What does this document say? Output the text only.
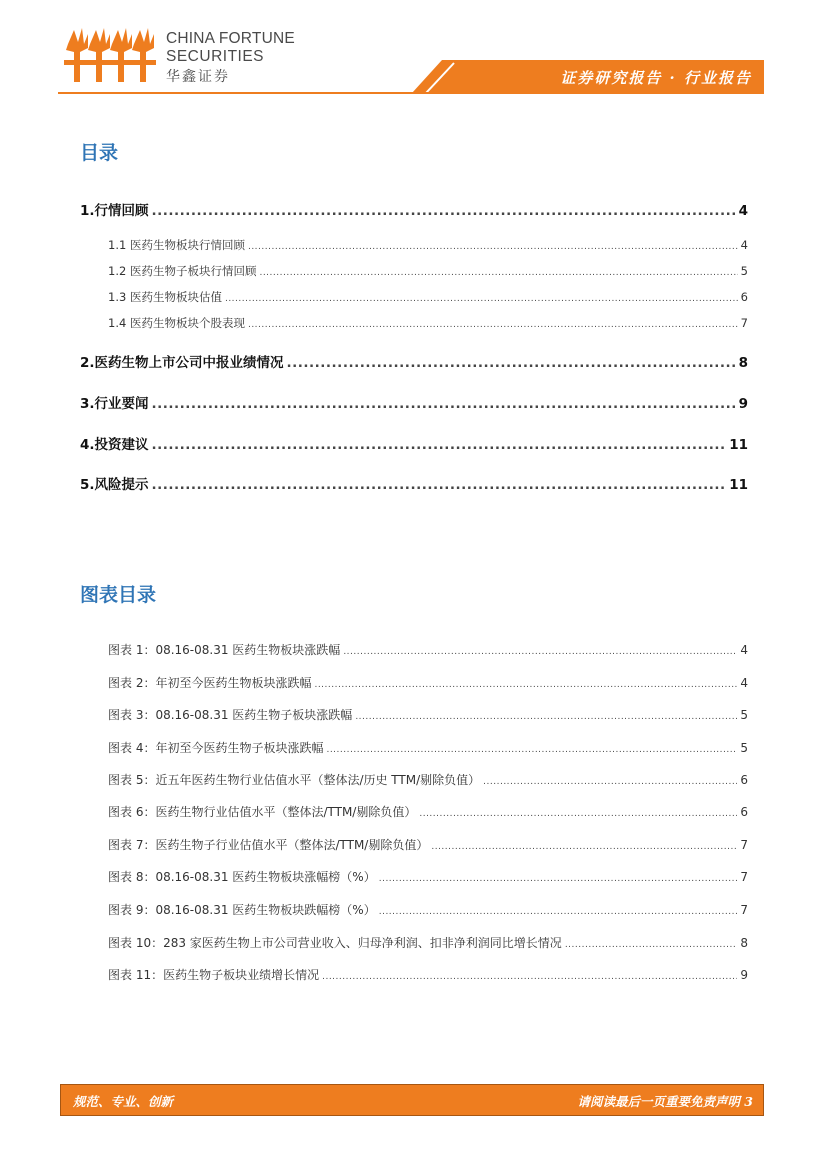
CHINA FORTUNE
SECURITIES
华鑫证券	证券研究报告 · 行业报告
目录
1.行情回顾 .....	4
1.1 医药生物板块行情回顾 .....	4
1.2 医药生物子板块行情回顾 .....	5
1.3 医药生物板块估值 .....	6
1.4 医药生物板块个股表现 .....	7
2.医药生物上市公司中报业绩情况 .....	8
3.行业要闻 .....	9
4.投资建议 .....	11
5.风险提示 .....	11
图表目录
图表 1：08.16-08.31 医药生物板块涨跌幅 .....	4
图表 2：年初至今医药生物板块涨跌幅 .....	4
图表 3：08.16-08.31 医药生物子板块涨跌幅 .....	5
图表 4：年初至今医药生物子板块涨跌幅 .....	5
图表 5：近五年医药生物行业估值水平（整体法/历史 TTM/剔除负值） .....	6
图表 6：医药生物行业估值水平（整体法/TTM/剔除负值） .....	6
图表 7：医药生物子行业估值水平（整体法/TTM/剔除负值） .....	7
图表 8：08.16-08.31 医药生物板块涨幅榜（%） .....	7
图表 9：08.16-08.31 医药生物板块跌幅榜（%） .....	7
图表 10：283 家医药生物上市公司营业收入、归母净利润、扣非净利润同比增长情况 .....	8
图表 11：医药生物子板块业绩增长情况 .....	9
规范、专业、创新	请阅读最后一页重要免责声明 3
